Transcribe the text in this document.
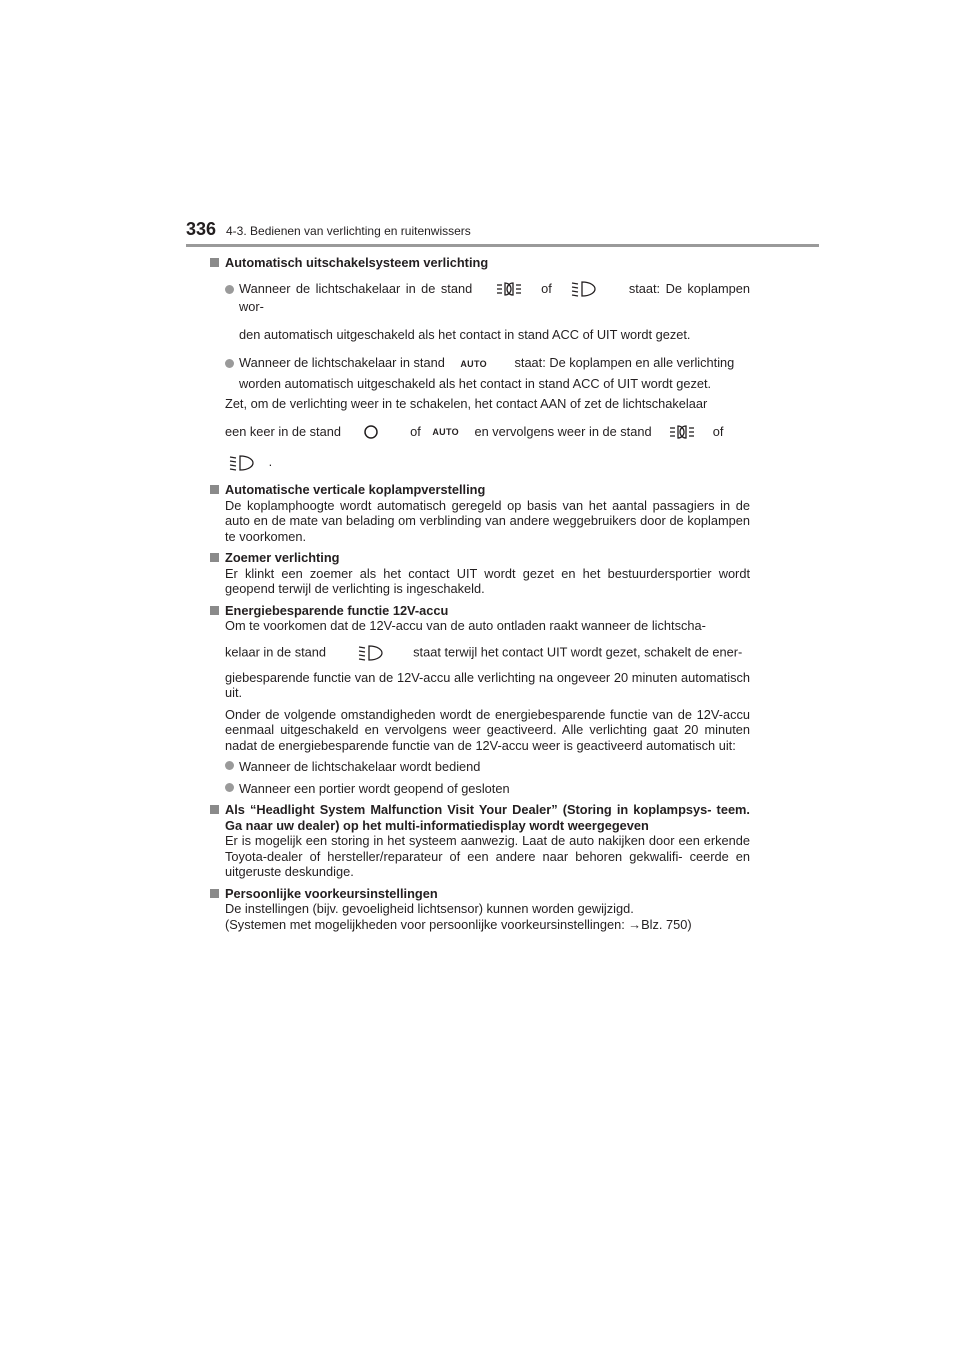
336 4-3. Bedienen van verlichting en ruitenwissers
Automatisch uitschakelsysteem verlichting
Wanneer de lichtschakelaar in de stand	of	staat: De koplampen wor-
den automatisch uitgeschakeld als het contact in stand ACC of UIT wordt gezet.
Wanneer de lichtschakelaar in stand AUTO staat: De koplampen en alle verlichting
worden automatisch uitgeschakeld als het contact in stand ACC of UIT wordt gezet.
Zet, om de verlichting weer in te schakelen, het contact AAN of zet de lichtschakelaar
een keer in de stand	of AUTO en vervolgens weer in de stand	of
.
Automatische verticale koplampverstelling
De koplamphoogte wordt automatisch geregeld op basis van het aantal passagiers in de auto en de mate van belading om verblinding van andere weggebruikers door de koplampen te voorkomen.
Zoemer verlichting
Er klinkt een zoemer als het contact UIT wordt gezet en het bestuurdersportier wordt geopend terwijl de verlichting is ingeschakeld.
Energiebesparende functie 12V-accu
Om te voorkomen dat de 12V-accu van de auto ontladen raakt wanneer de lichtscha-
kelaar in de stand	staat terwijl het contact UIT wordt gezet, schakelt de ener-
giebesparende functie van de 12V-accu alle verlichting na ongeveer 20 minuten automatisch uit.
Onder de volgende omstandigheden wordt de energiebesparende functie van de 12V-accu eenmaal uitgeschakeld en vervolgens weer geactiveerd. Alle verlichting gaat 20 minuten nadat de energiebesparende functie van de 12V-accu weer is geactiveerd automatisch uit:
Wanneer de lichtschakelaar wordt bediend
Wanneer een portier wordt geopend of gesloten
Als “Headlight System Malfunction Visit Your Dealer” (Storing in koplampsys- teem. Ga naar uw dealer) op het multi-informatiedisplay wordt weergegeven
Er is mogelijk een storing in het systeem aanwezig. Laat de auto nakijken door een erkende Toyota-dealer of hersteller/reparateur of een andere naar behoren gekwalifi- ceerde en uitgeruste deskundige.
Persoonlijke voorkeursinstellingen
De instellingen (bijv. gevoeligheid lichtsensor) kunnen worden gewijzigd.
(Systemen met mogelijkheden voor persoonlijke voorkeursinstellingen: →Blz. 750)
